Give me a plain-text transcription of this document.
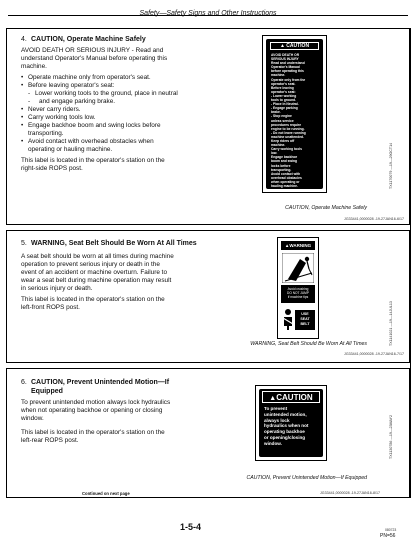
Safety—Safety Signs and Other Instructions
4. CAUTION, Operate Machine Safely
AVOID DEATH OR SERIOUS INJURY - Read and
understand Operator's Manual before operating this
machine.
• Operate machine only from operator's seat.
• Before leaving operator's seat:
- Lower working tools to the ground, place in neutral
- and engage parking brake.
• Never carry riders.
• Carry working tools low.
• Engage backhoe boom and swing locks before
transporting.
• Avoid contact with overhead obstacles when
operating or hauling machine.
This label is located in the operator's station on the
right-side ROPS post.
▲ CAUTION
AVOID DEATH OR
SERIOUS INJURY
Read and understand
Operator's Manual
before operating this
machine.
Operate only from the
operator's seat.
Before leaving
operator's seat:
- Lower working
tools to ground.
- Place in Neutral.
- Engage parking
brake.
- Stop engine
unless service
procedures require
engine to be running.
- Do not leave running
machine unattended.
Keep riders off
machine.
Carry working tools
low.
Engage backhoe
boom and swing
locks before
transporting.
Avoid contact with
overhead obstacles
when operating or
hauling machine.	TX1170079 —19—29OCT14
CAUTION, Operate Machine Safely
JG33441,0000028 -19-27JAN16-6/17
5. WARNING, Seat Belt Should Be Worn At All Times
A seat belt should be worn at all times during machine
operation to prevent serious injury or death in the
event of an accident or machine overturn. Failure to
wear a seat belt during machine operation may result
in serious injury or death.
This label is located in the operator's station on the
left-front ROPS post.
▲WARNING
Avoid crushing
DO NOT JUMP
if machine tips
USE
SEAT
BELT	TX1141021 —19—14JUL13
WARNING, Seat Belt Should Be Worn At All Times
JG33441,0000028 -19-27JAN16-7/17
6. CAUTION, Prevent Unintended Motion—If
Equipped
To prevent unintended motion always lock hydraulics
when not operating backhoe or opening or closing
window.
This label is located in the operator's station on the
left-rear ROPS post.
▲CAUTION
To prevent
unintended motion,
always lock
hydraulics when not
operating backhoe
or opening/closing
window.	TX1130786 —19—23MAY2
CAUTION, Prevent Unintended Motion—If Equipped
Continued on next page	JG33441,0000028 -19-27JAN16-8/17
1-5-4	080723
PN=56
